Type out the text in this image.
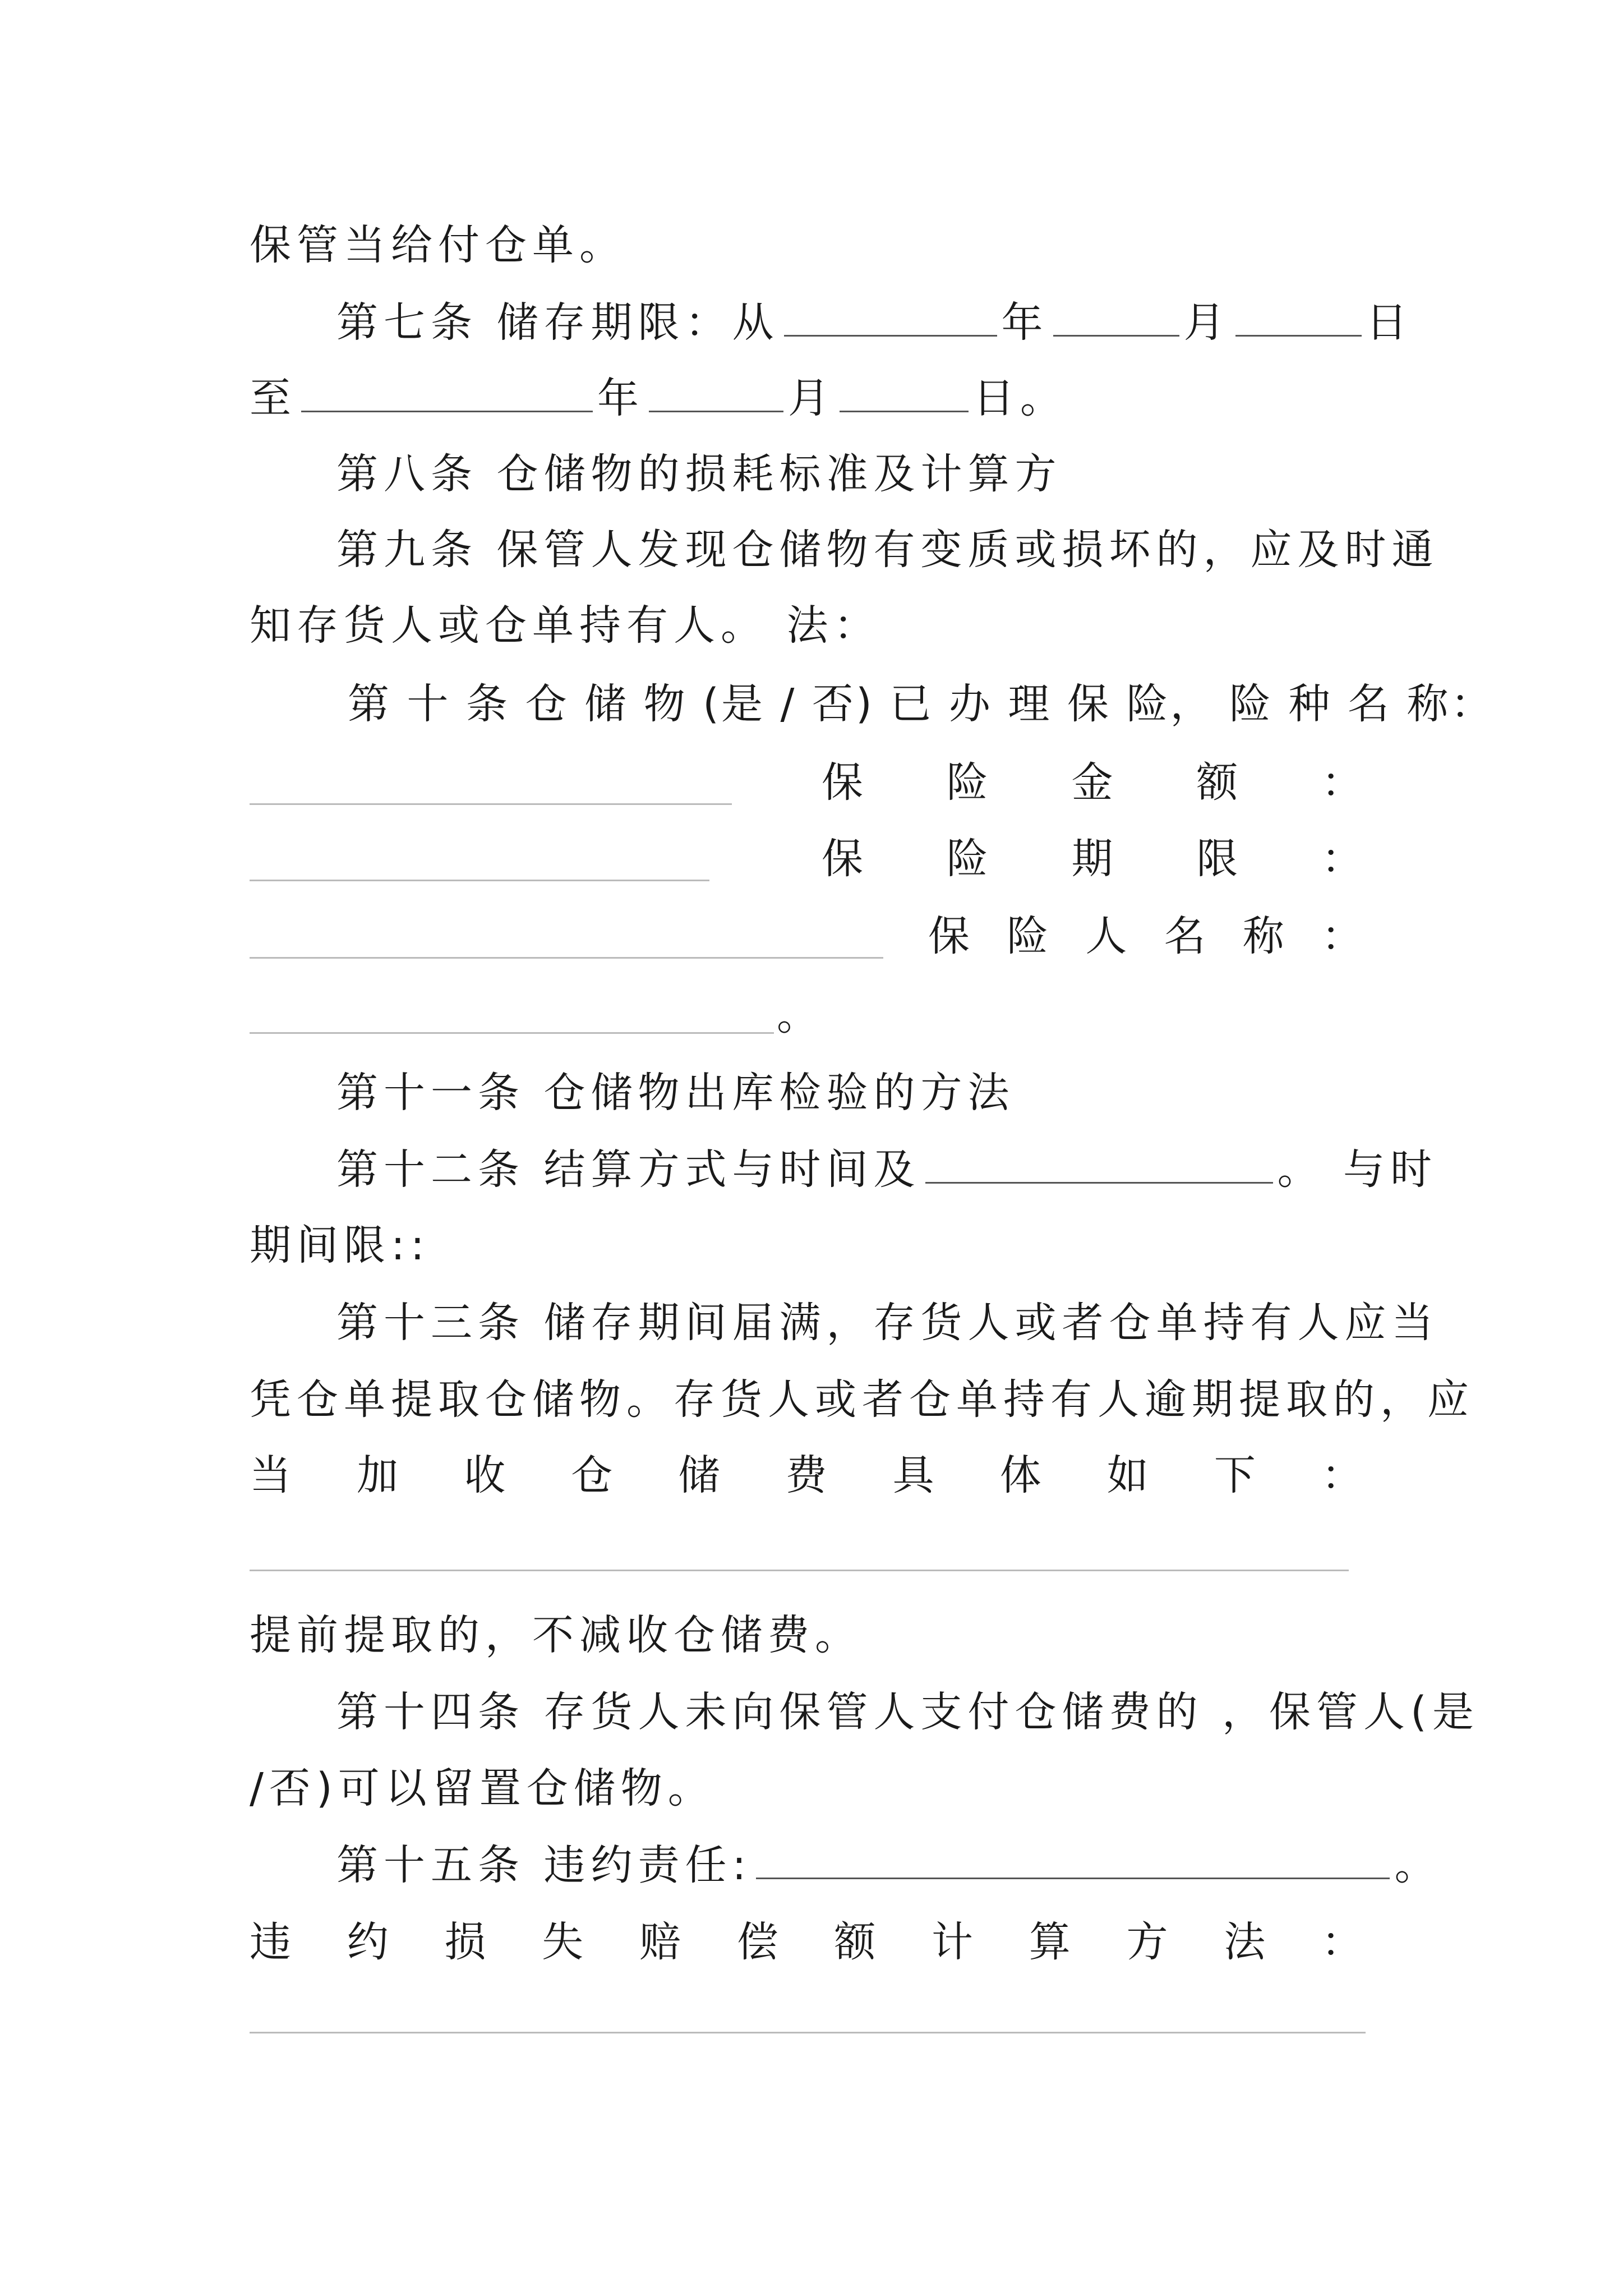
保管当给付仓单。
第七条 储存期限：从	年	月	日
至	年	月	日。
第八条 仓储物的损耗标准及计算方
第九条 保管人发现仓储物有变质或损坏的，应及时通
知存货人或仓单持有人。 法：
第 十 条 仓 储 物 (是 / 否) 已 办 理 保 险， 险 种 名 称：
保 险 金 额 ：
保 险 期 限 ：
保 险 人 名 称 ：
。
第十一条 仓储物出库检验的方法
第十二条 结算方式与时间及	。 与时
期间限::
第十三条 储存期间届满，存货人或者仓单持有人应当
凭仓单提取仓储物。存货人或者仓单持有人逾期提取的，应
当 加 收 仓 储 费 具 体 如 下 ：
提前提取的，不减收仓储费。
第十四条 存货人未向保管人支付仓储费的 ，保管人(是
/否)可以留置仓储物。
第十五条 违约责任:	。
违 约 损 失 赔 偿 额 计 算 方 法 ：
